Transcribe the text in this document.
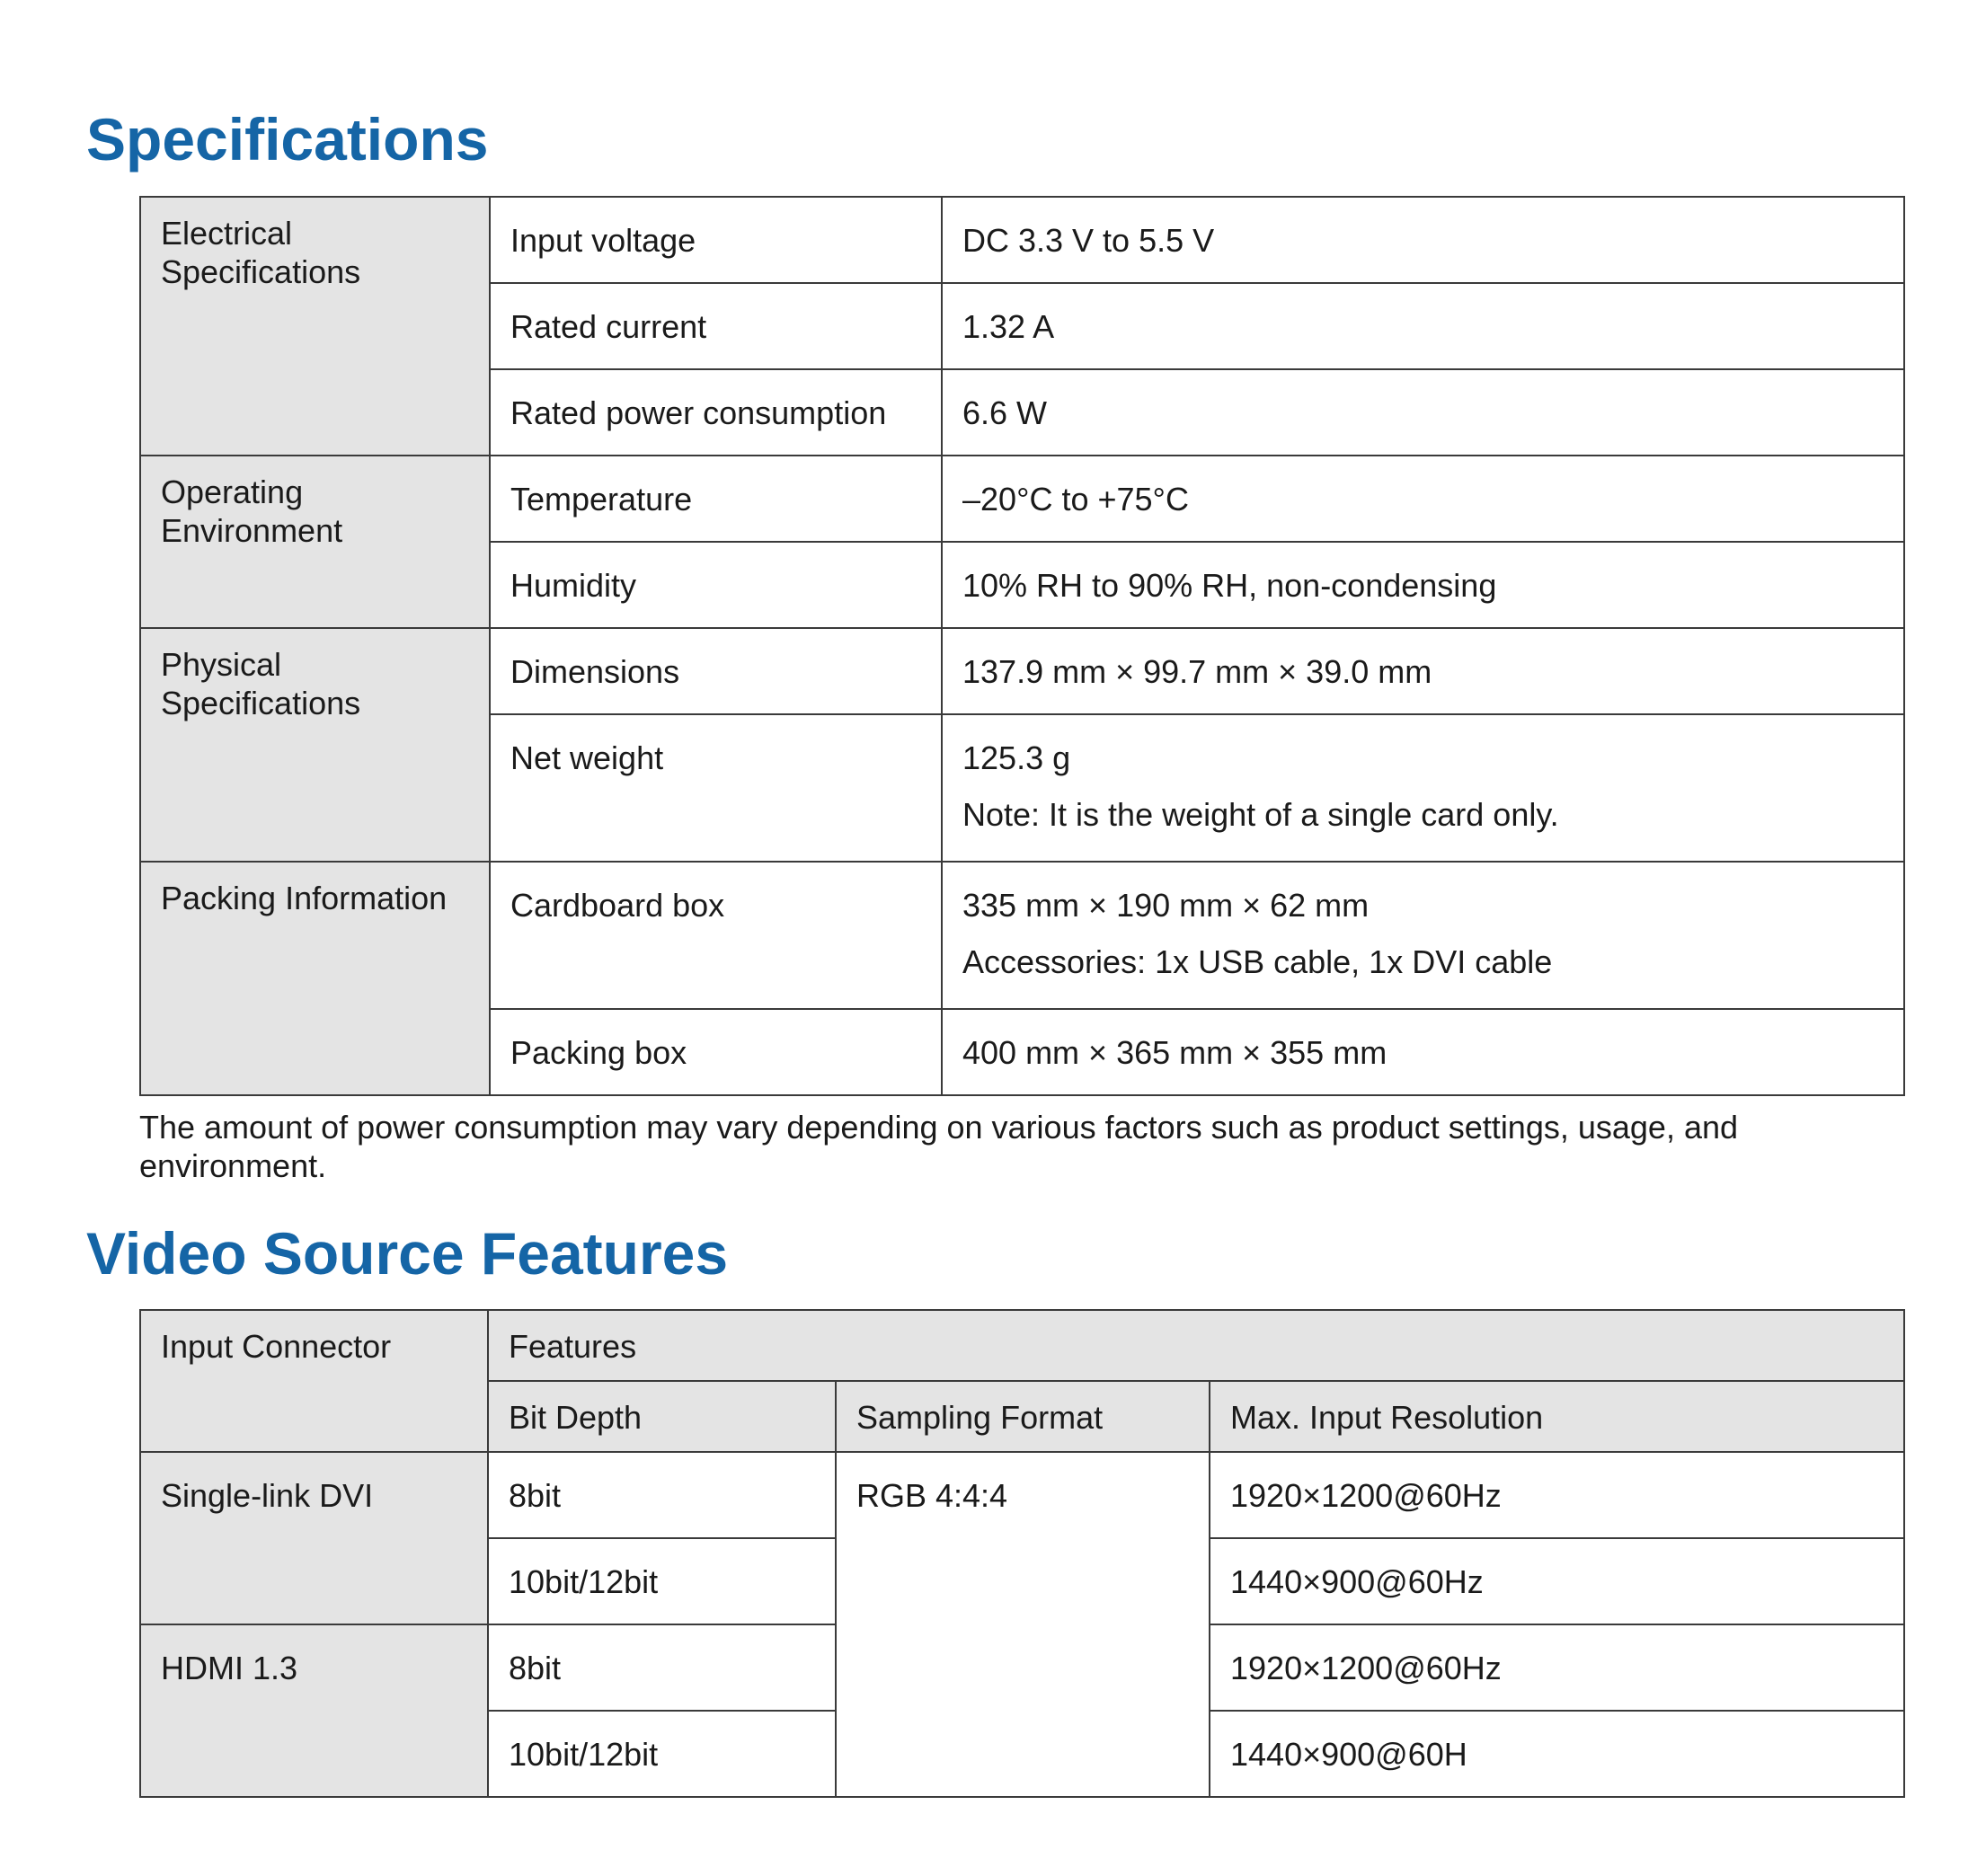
Specifications
Electrical
Specifications	Input voltage	DC 3.3 V to 5.5 V
	Rated current	1.32 A
	Rated power consumption	6.6 W
Operating
Environment	Temperature	–20°C to +75°C
	Humidity	10% RH to 90% RH, non-condensing
Physical
Specifications	Dimensions	137.9 mm × 99.7 mm × 39.0 mm
	Net weight	125.3 g
Note: It is the weight of a single card only.

Packing Information	Cardboard box	335 mm × 190 mm × 62 mm
Accessories: 1x USB cable, 1x DVI cable

	Packing box	400 mm × 365 mm × 355 mm

The amount of power consumption may vary depending on various factors such as product settings, usage, and environment.

Video Source Features
Input Connector	Features		
	Bit Depth	Sampling Format	Max. Input Resolution
Single-link DVI	8bit	RGB 4:4:4	1920×1200@60Hz
	10bit/12bit		1440×900@60Hz
HDMI 1.3	8bit		1920×1200@60Hz
	10bit/12bit		1440×900@60H
